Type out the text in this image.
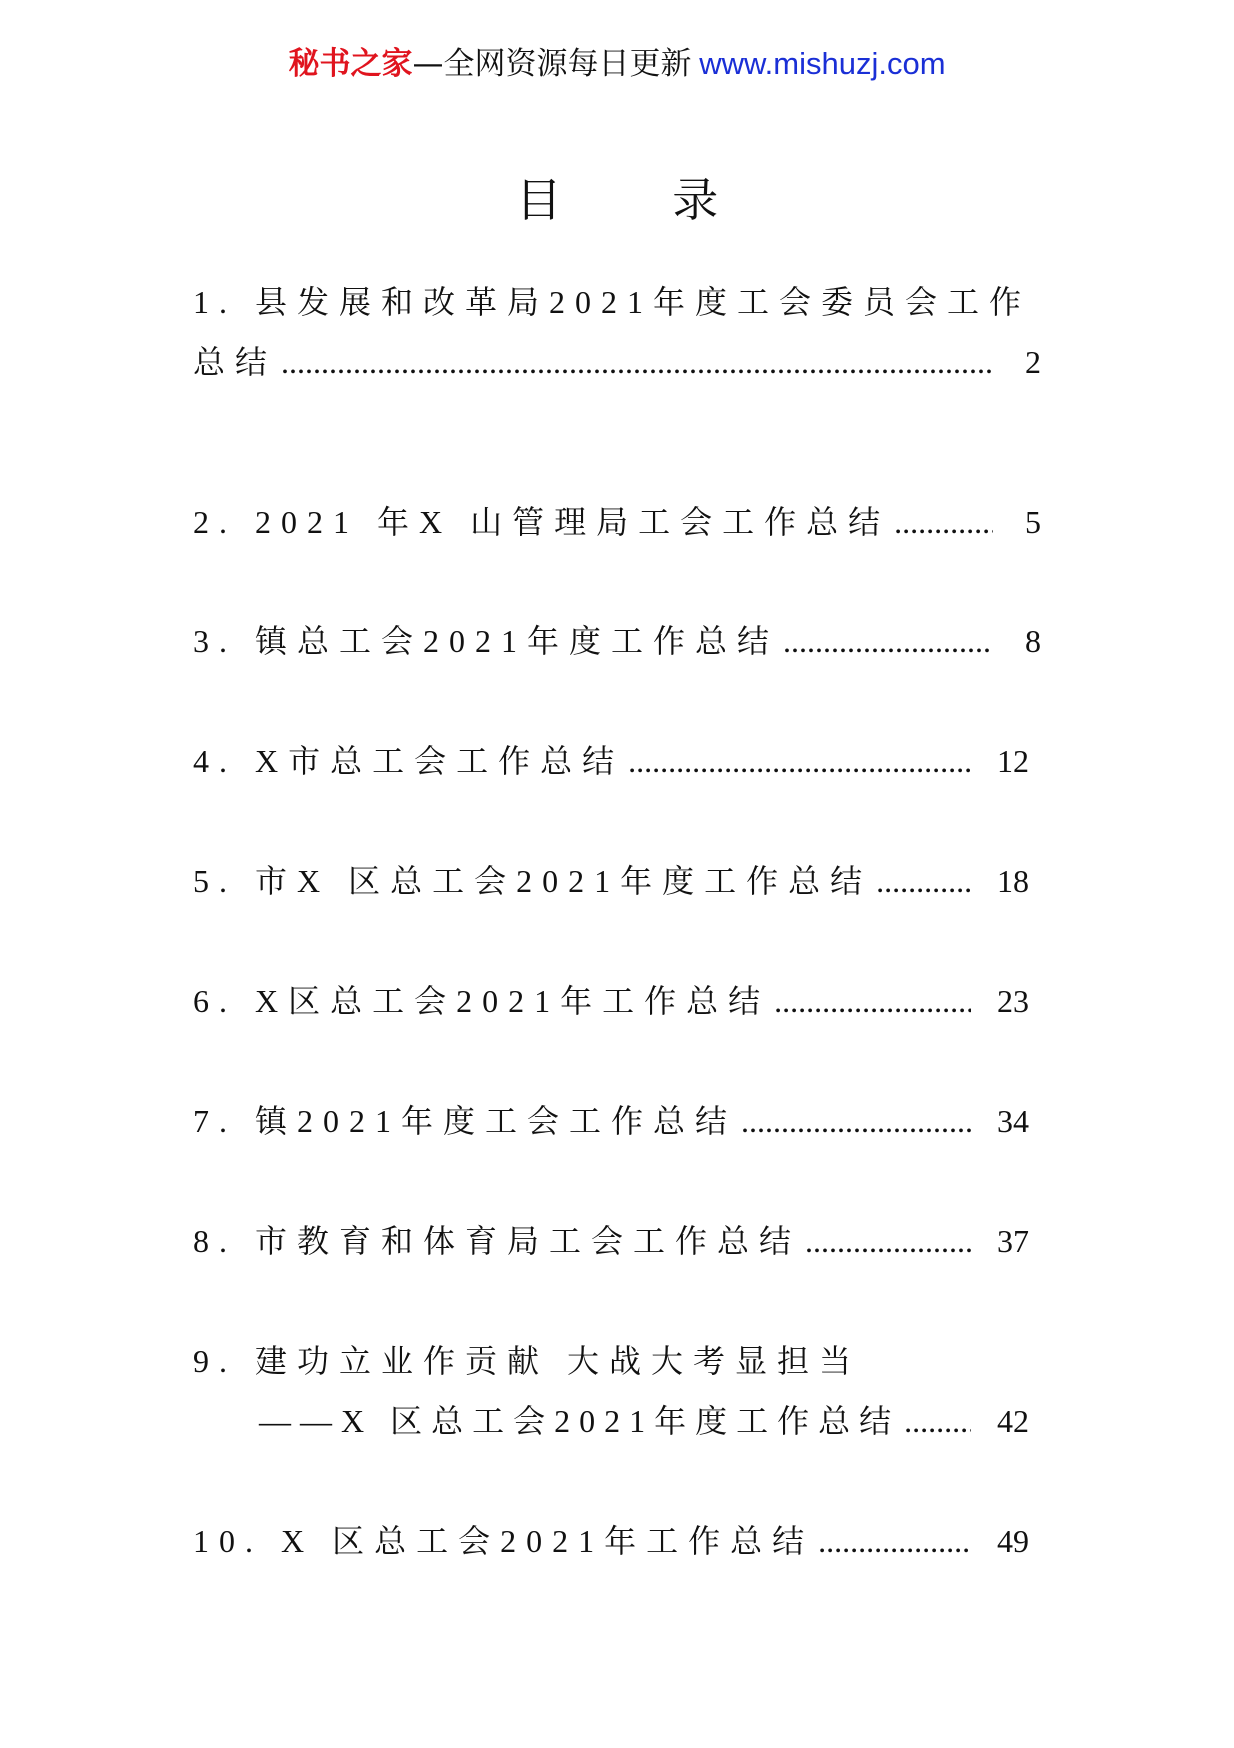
秘书之家—全网资源每日更新 www.mishuzj.com
目 录
1. 县发展和改革局2021年度工会委员会工作
总结 .....	2
2. 2021 年X 山管理局工会工作总结 .....	5
3. 镇总工会2021年度工作总结 .....	8
4. X市总工会工作总结 .....	12
5. 市X 区总工会2021年度工作总结 .....	18
6. X区总工会2021年工作总结 .....	23
7. 镇2021年度工会工作总结 .....	34
8. 市教育和体育局工会工作总结 .....	37
9. 建功立业作贡献 大战大考显担当
——X 区总工会2021年度工作总结 .....	42
10. X 区总工会2021年工作总结 .....	49
